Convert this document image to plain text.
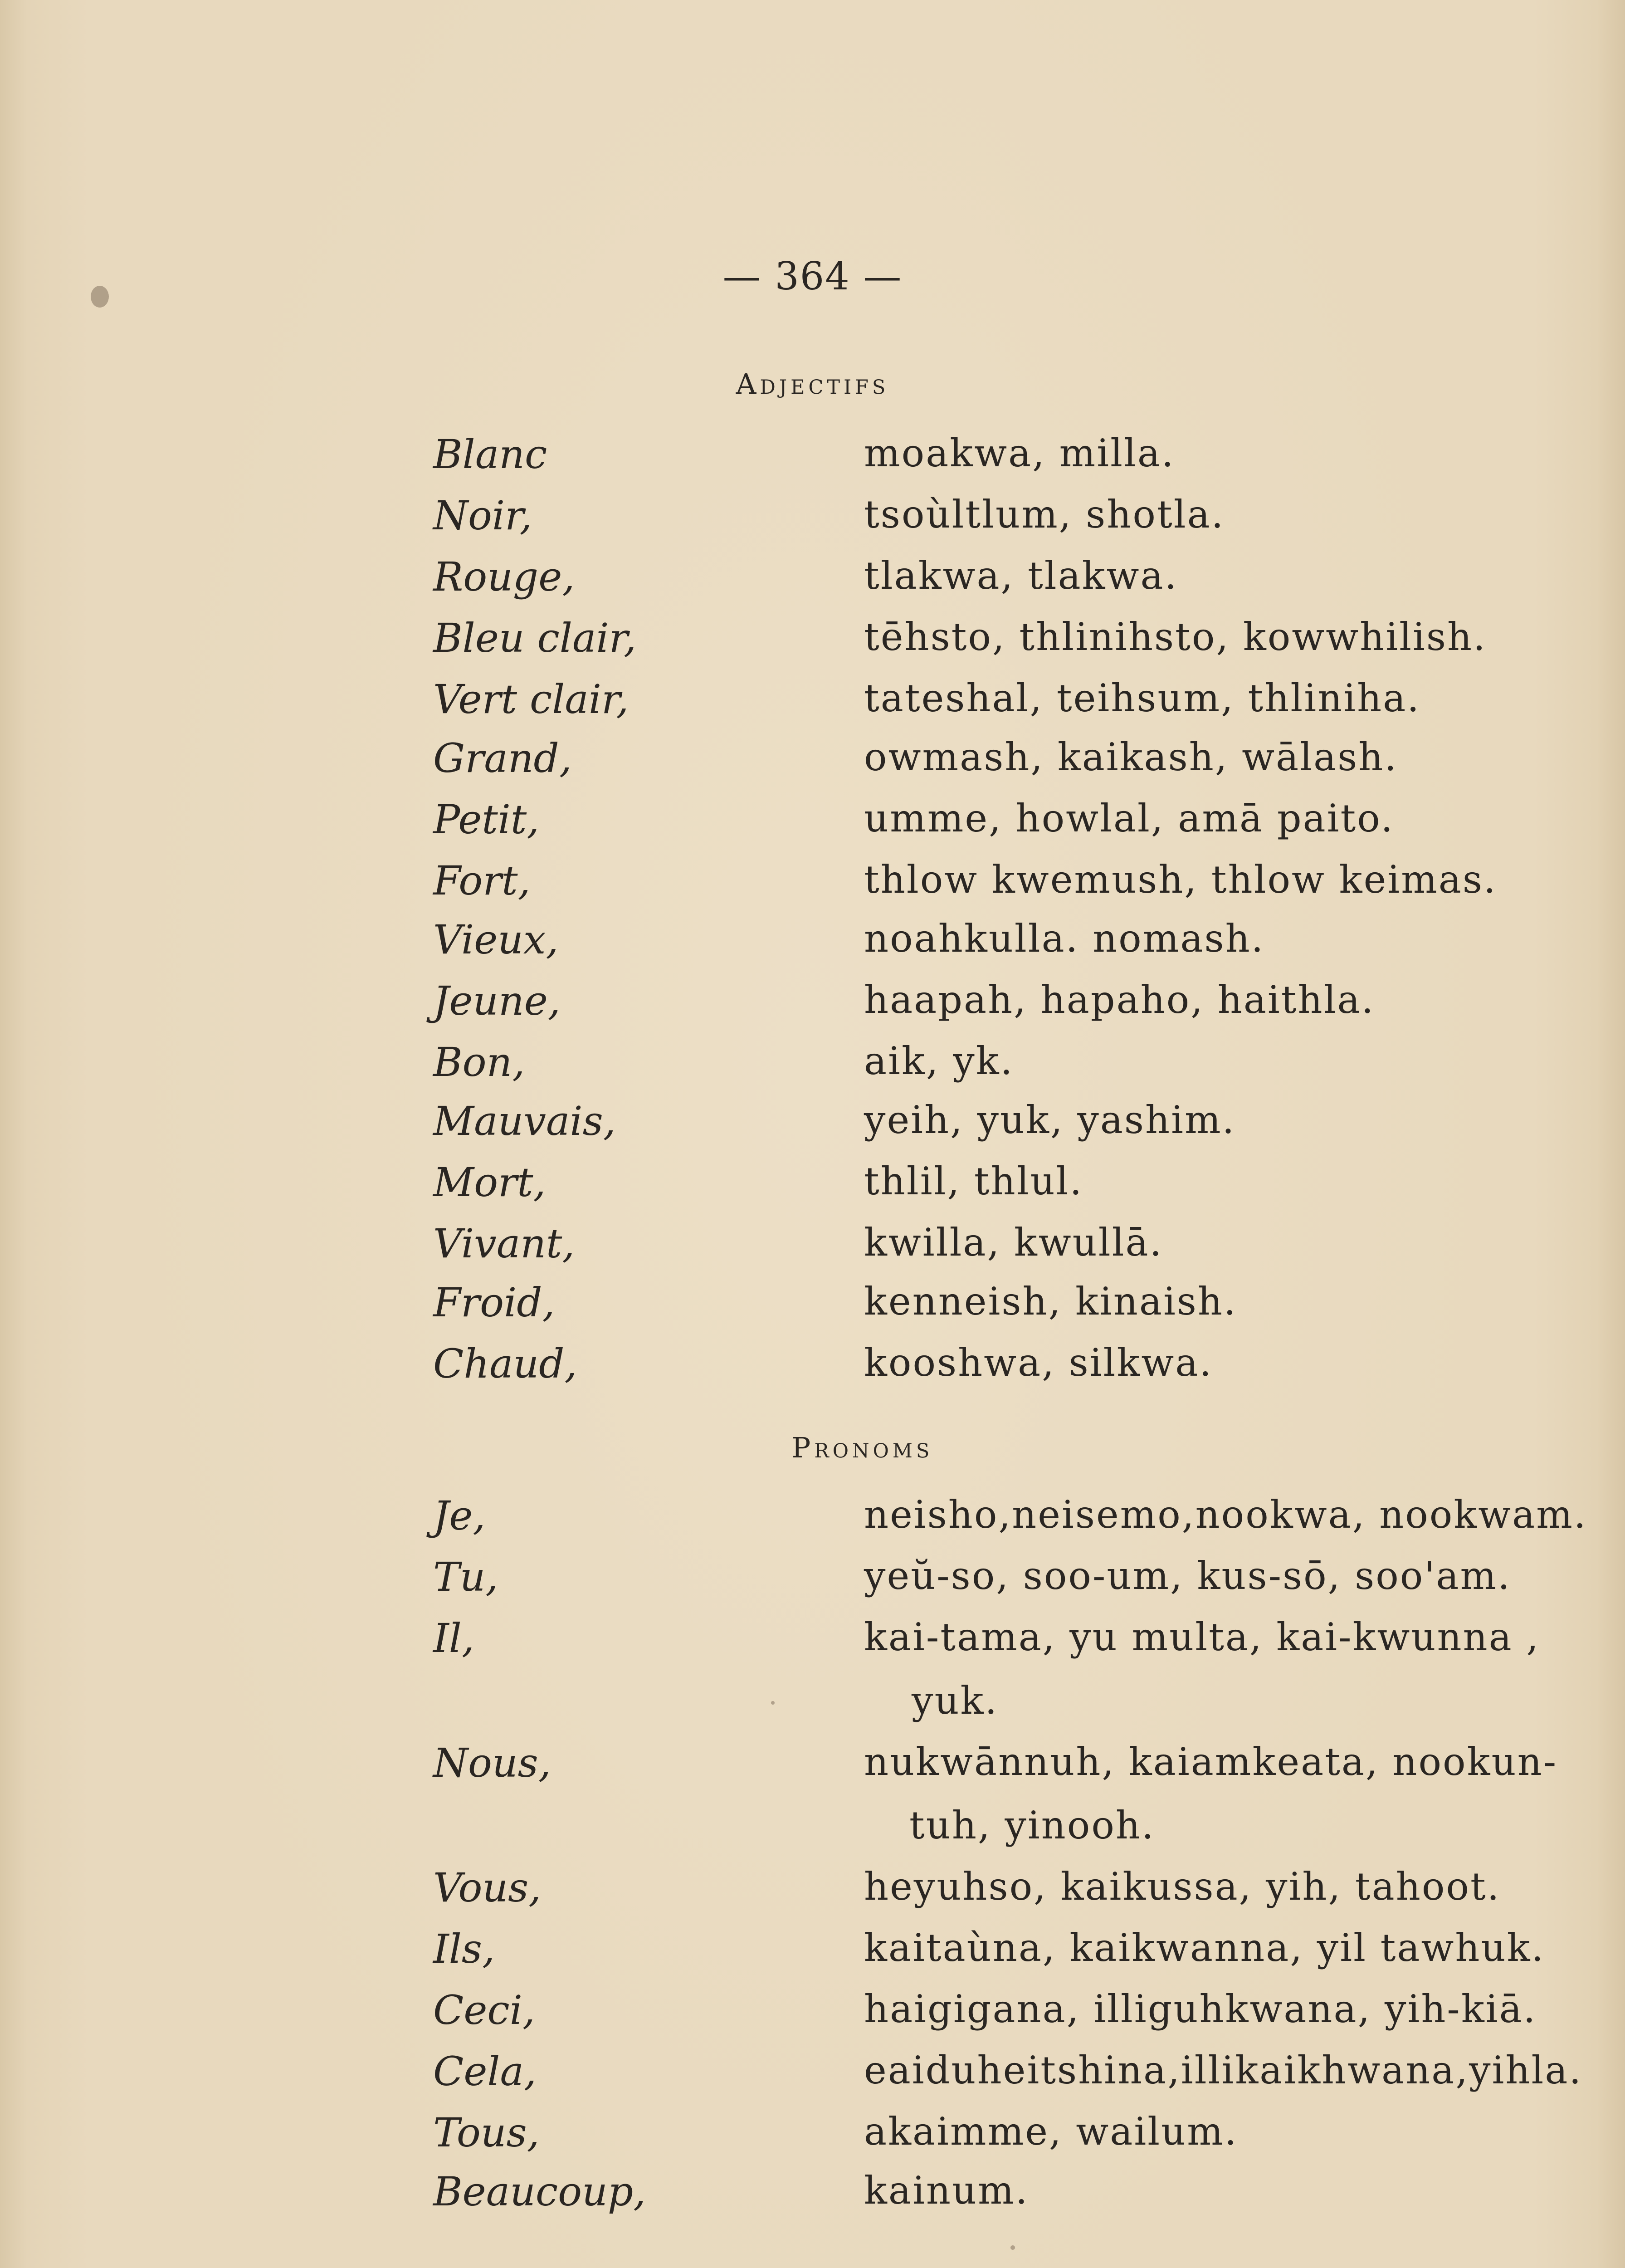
— 364 —
Adjectifs
Blanc	moakwa, milla.
Noir,	tsoùltlum, shotla.
Rouge,	tlakwa, tlakwa.
Bleu clair,	tēhsto, thlinihsto, kowwhilish.
Vert clair,	tateshal, teihsum, thliniha.
Grand,	owmash, kaikash, wālash.
Petit,	umme, howlal, amā paito.
Fort,	thlow kwemush, thlow keimas.
Vieux,	noahkulla. nomash.
Jeune,	haapah, hapaho, haithla.
Bon,	aik, yk.
Mauvais,	yeih, yuk, yashim.
Mort,	thlil, thlul.
Vivant,	kwilla, kwullā.
Froid,	kenneish, kinaish.
Chaud,	kooshwa, silkwa.
Pronoms
Je,	neisho,neisemo,nookwa, nookwam.
Tu,	yeŭ-so, soo-um, kus-sō, soo'am.
Il,	kai-tama, yu multa, kai-kwunna ,
yuk.
Nous,	nukwānnuh, kaiamkeata, nookun-
tuh, yinooh.
Vous,	heyuhso, kaikussa, yih, tahoot.
Ils,	kaitaùna, kaikwanna, yil tawhuk.
Ceci,	haigigana, illiguhkwana, yih-kiā.
Cela,	eaiduheitshina,illikaikhwana,yihla.
Tous,	akaimme, wailum.
Beaucoup,	kainum.
